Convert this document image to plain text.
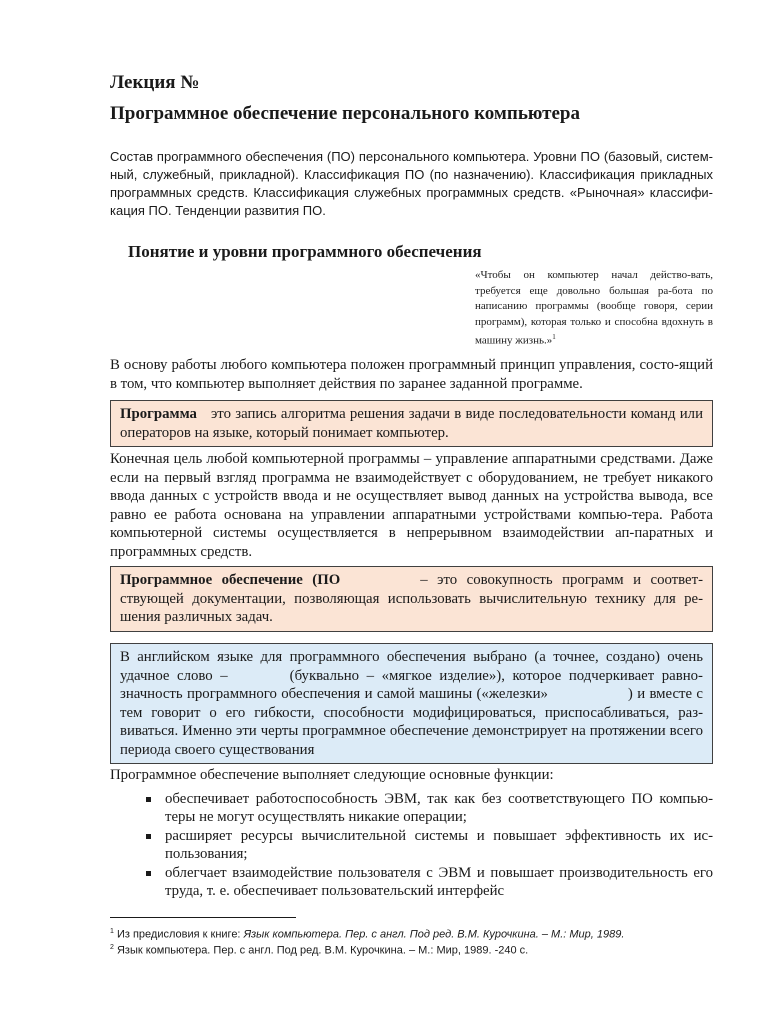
Лекция №
Программное обеспечение персонального компьютера
Состав программного обеспечения (ПО) персонального компьютера. Уровни ПО (базовый, систем-ный, служебный, прикладной). Классификация ПО (по назначению). Классификация прикладных программных средств. Классификация служебных программных средств. «Рыночная» классифи-кация ПО. Тенденции развития ПО.
Понятие и уровни программного обеспечения
«Чтобы он компьютер начал действо-вать, требуется еще довольно большая ра-бота по написанию программы (вообще говоря, серии программ), которая только и способна вдохнуть в машину жизнь.»$^1$
В основу работы любого компьютера положен программный принцип управления, состо-ящий в том, что компьютер выполняет действия по заранее заданной программе.
Программа это запись алгоритма решения задачи в виде последовательности команд или операторов на языке, который понимает компьютер.
Конечная цель любой компьютерной программы – управление аппаратными средствами. Даже если на первый взгляд программа не взаимодействует с оборудованием, не требует никакого ввода данных с устройств ввода и не осуществляет вывод данных на устройства вывода, все равно ее работа основана на управлении аппаратными устройствами компью-тера. Работа компьютерной системы осуществляется в непрерывном взаимодействии ап-паратных и программных средств.
Программное обеспечение (ПО	– это совокупность программ и соответ-ствующей документации, позволяющая использовать вычислительную технику для ре-шения различных задач.
В английском языке для программного обеспечения выбрано (а точнее, создано) очень удачное слово –	(буквально – «мягкое изделие»), которое подчеркивает равно-значность программного обеспечения и самой машины («железки»	) и вместе с тем говорит о его гибкости, способности модифицироваться, приспосабливаться, раз-виваться. Именно эти черты программное обеспечение демонстрирует на протяжении всего периода своего существования
Программное обеспечение выполняет следующие основные функции:
обеспечивает работоспособность ЭВМ, так как без соответствующего ПО компью-теры не могут осуществлять никакие операции;
расширяет ресурсы вычислительной системы и повышает эффективность их ис-пользования;
облегчает взаимодействие пользователя с ЭВМ и повышает производительность его труда, т. е. обеспечивает пользовательский интерфейс
$^1$ Из предисловия к книге: Язык компьютера. Пер. с англ. Под ред. В.М. Курочкина. – М.: Мир, 1989.
$^2$ Язык компьютера. Пер. с англ. Под ред. В.М. Курочкина. – М.: Мир, 1989. -240 с.
